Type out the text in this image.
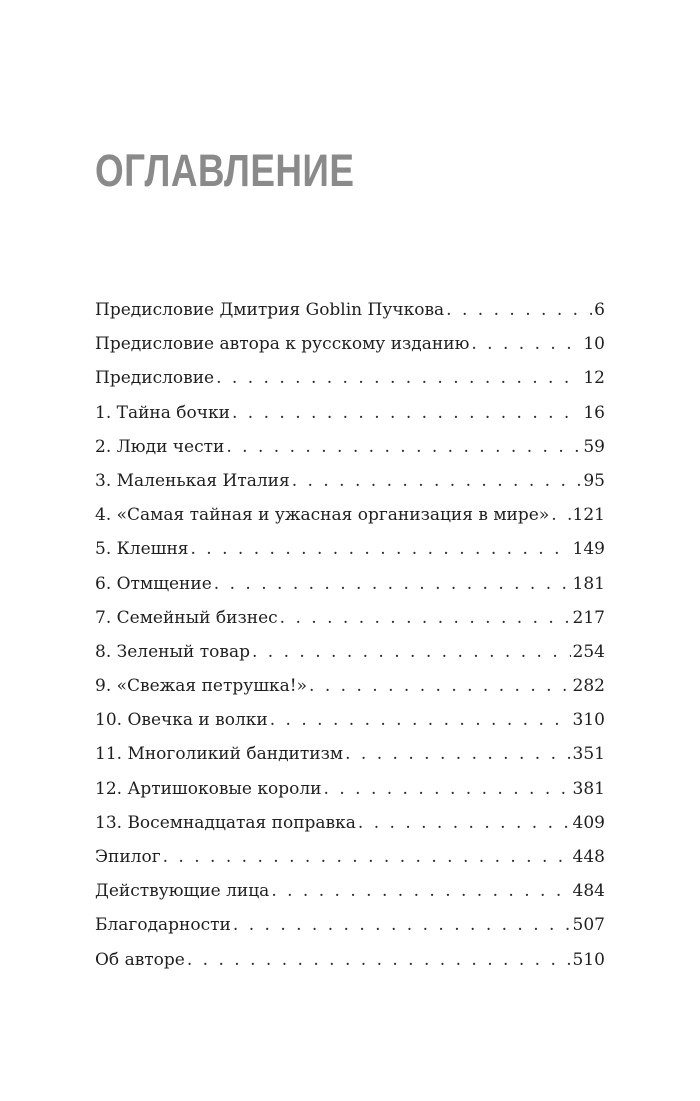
ОГЛАВЛЕНИЕ
Предисловие Дмитрия Goblin Пучкова . . .	6
Предисловие автора к русскому изданию . . .	10
Предисловие . . .	12
1. Тайна бочки . . .	16
2. Люди чести . . .	59
3. Маленькая Италия . . .	95
4. «Самая тайная и ужасная организация в мире» . . . 121
5. Клешня . . .	149
6. Отмщение . . .	181
7. Семейный бизнес . . .	217
8. Зеленый товар . . .	254
9. «Свежая петрушка!» . . .	282
10. Овечка и волки . . .	310
11. Многоликий бандитизм . . .	351
12. Артишоковые короли . . .	381
13. Восемнадцатая поправка . . .	409
Эпилог . . .	448
Действующие лица . . .	484
Благодарности . . .	507
Об авторе . . .	510
